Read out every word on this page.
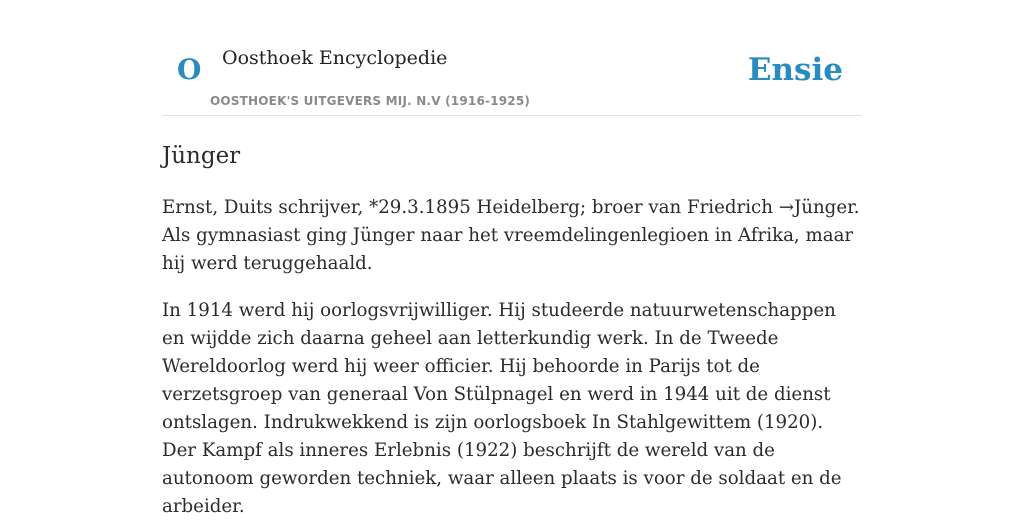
O Oosthoek Encyclopedie
OOSTHOEK'S UITGEVERS MIJ. N.V (1916-1925)
Ensie
Jünger

Ernst, Duits schrijver, *29.3.1895 Heidelberg; broer van Friedrich →Jünger. Als gymnasiast ging Jünger naar het vreemdelingenlegioen in Afrika, maar hij werd teruggehaald.

In 1914 werd hij oorlogsvrijwilliger. Hij studeerde natuurwetenschappen en wijdde zich daarna geheel aan letterkundig werk. In de Tweede Wereldoorlog werd hij weer officier. Hij behoorde in Parijs tot de verzetsgroep van generaal Von Stülpnagel en werd in 1944 uit de dienst ontslagen. Indrukwekkend is zijn oorlogsboek In Stahlgewittem (1920). Der Kampf als inneres Erlebnis (1922) beschrijft de wereld van de autonoom geworden techniek, waar alleen plaats is voor de soldaat en de arbeider.
